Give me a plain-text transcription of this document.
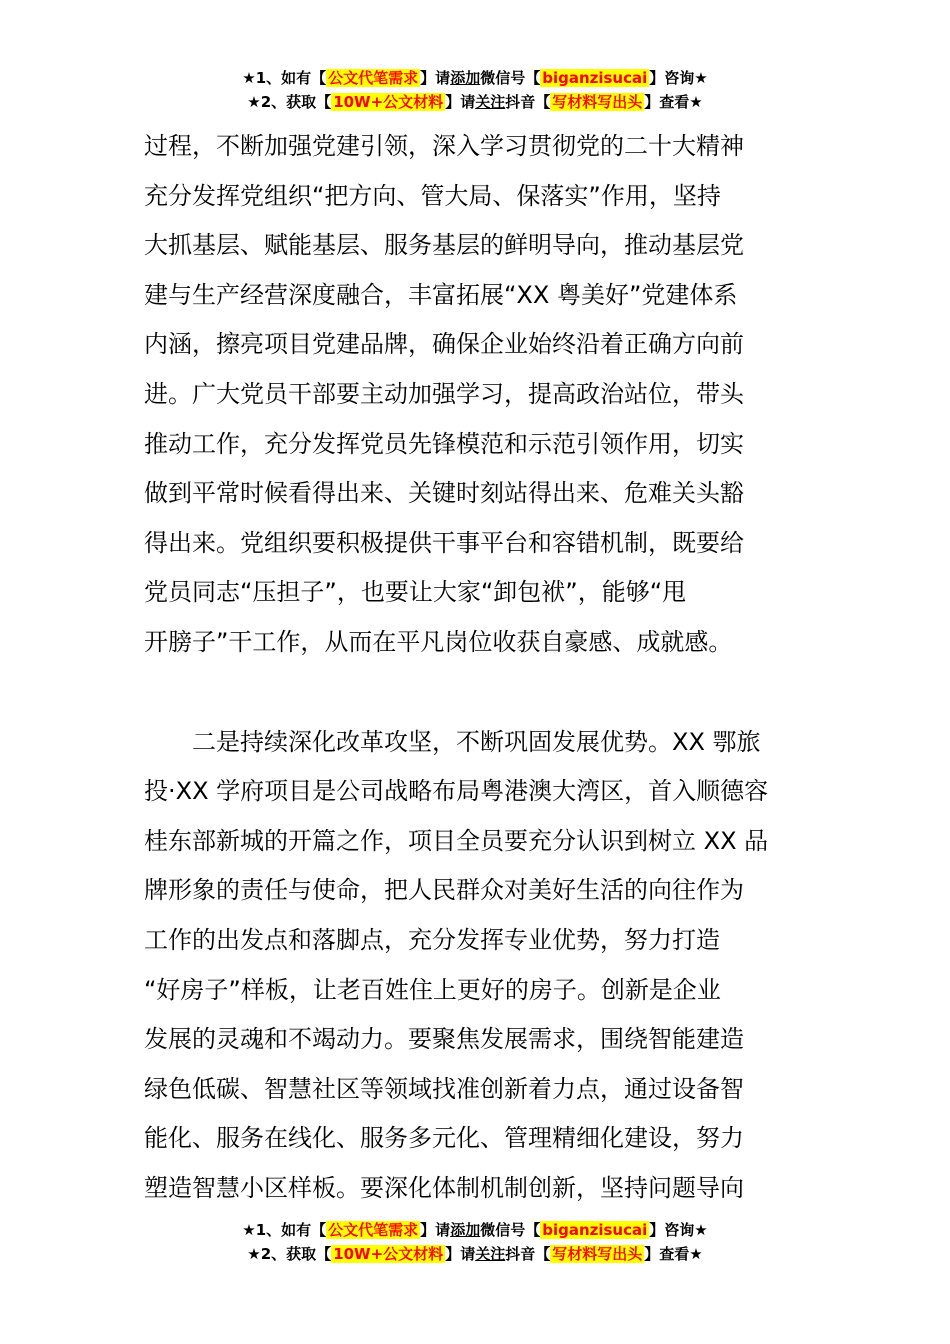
★1、如有【 公文代笔需求 】请添加微信号【 biganzisucai 】咨询★
★2、获取【 10W+公文材料 】请关注抖音【 写材料写出头 】查看★

过程，不断加强党建引领，深入学习贯彻党的二十大精神
充分发挥党组织“把方向、管大局、保落实”作用，坚持
大抓基层、赋能基层、服务基层的鲜明导向，推动基层党
建与生产经营深度融合，丰富拓展“XX 粤美好”党建体系
内涵，擦亮项目党建品牌，确保企业始终沿着正确方向前
进。广大党员干部要主动加强学习，提高政治站位，带头
推动工作，充分发挥党员先锋模范和示范引领作用，切实
做到平常时候看得出来、关键时刻站得出来、危难关头豁
得出来。党组织要积极提供干事平台和容错机制，既要给
党员同志“压担子”，也要让大家“卸包袱”，能够“甩
开膀子”干工作，从而在平凡岗位收获自豪感、成就感。

　　二是持续深化改革攻坚，不断巩固发展优势。XX 鄂旅
投·XX 学府项目是公司战略布局粤港澳大湾区，首入顺德容
桂东部新城的开篇之作，项目全员要充分认识到树立 XX 品
牌形象的责任与使命，把人民群众对美好生活的向往作为
工作的出发点和落脚点，充分发挥专业优势，努力打造
“好房子”样板，让老百姓住上更好的房子。创新是企业
发展的灵魂和不竭动力。要聚焦发展需求，围绕智能建造
绿色低碳、智慧社区等领域找准创新着力点，通过设备智
能化、服务在线化、服务多元化、管理精细化建设，努力
塑造智慧小区样板。要深化体制机制创新，坚持问题导向

★1、如有【 公文代笔需求 】请添加微信号【 biganzisucai 】咨询★
★2、获取【 10W+公文材料 】请关注抖音【 写材料写出头 】查看★
